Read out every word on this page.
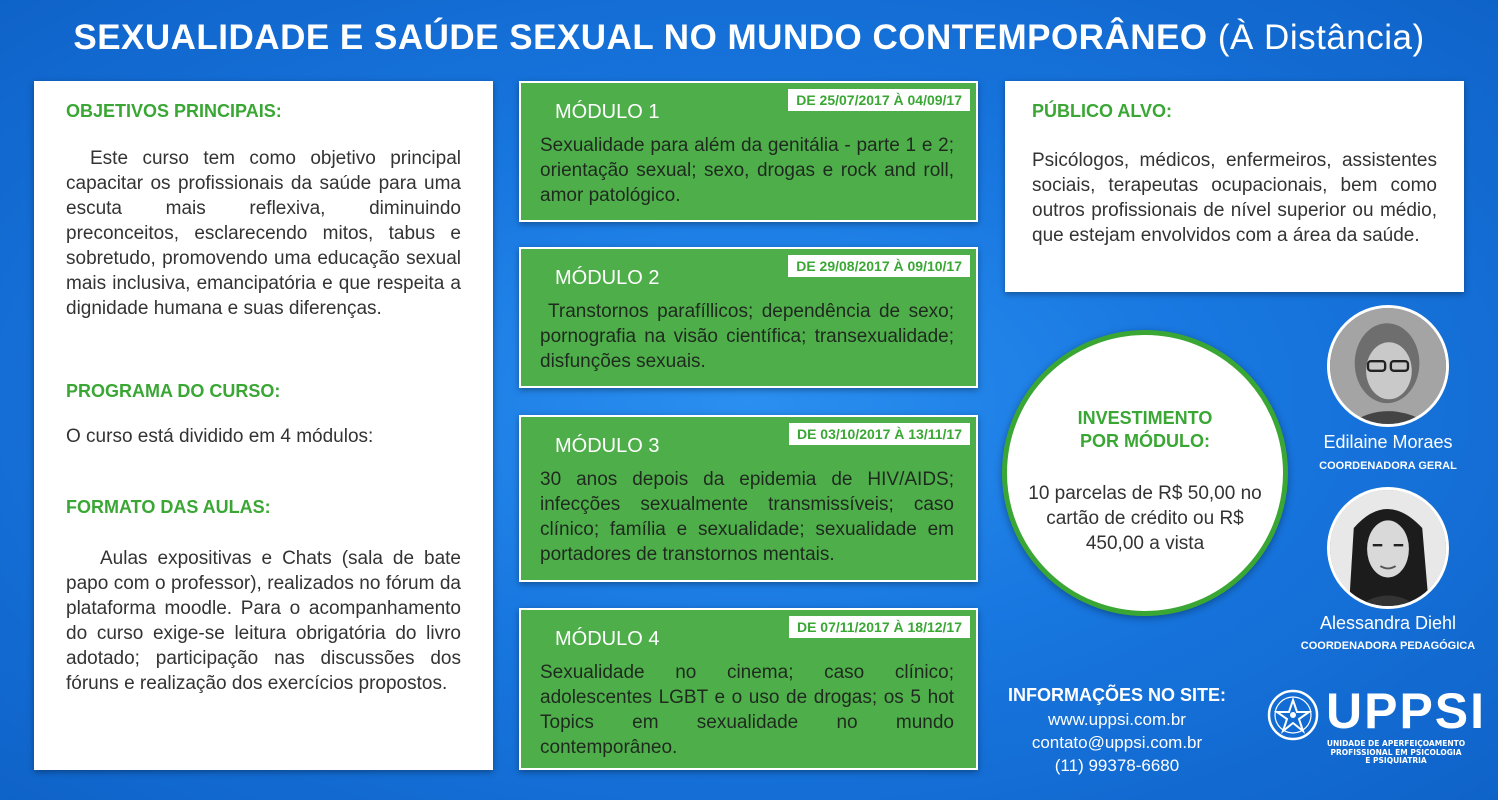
SEXUALIDADE E SAÚDE SEXUAL NO MUNDO CONTEMPORÂNEO (À Distância)
OBJETIVOS PRINCIPAIS:
Este curso tem como objetivo principal capacitar os profissionais da saúde para uma escuta mais reflexiva, diminuindo preconceitos, esclarecendo mitos, tabus e sobretudo, promovendo uma educação sexual mais inclusiva, emancipatória e que respeita a dignidade humana e suas diferenças.
PROGRAMA DO CURSO:
O curso está dividido em 4 módulos:
FORMATO DAS AULAS:
Aulas expositivas e Chats (sala de bate papo com o professor), realizados no fórum da plataforma moodle. Para o acompanhamento do curso exige-se leitura obrigatória do livro adotado; participação nas discussões dos fóruns e realização dos exercícios propostos.
MÓDULO 1
DE 25/07/2017 À 04/09/17
Sexualidade para além da genitália - parte 1 e 2; orientação sexual; sexo, drogas e rock and roll, amor patológico.
MÓDULO 2
DE 29/08/2017 À 09/10/17
Transtornos parafíllicos; dependência de sexo; pornografia na visão científica; transexualidade; disfunções sexuais.
MÓDULO 3
DE 03/10/2017 À 13/11/17
30 anos depois da epidemia de HIV/AIDS; infecções sexualmente transmissíveis; caso clínico; família e sexualidade; sexualidade em portadores de transtornos mentais.
MÓDULO 4
DE 07/11/2017 À 18/12/17
Sexualidade no cinema; caso clínico; adolescentes LGBT e o uso de drogas; os 5 hot Topics em sexualidade no mundo contemporâneo.
PÚBLICO ALVO:
Psicólogos, médicos, enfermeiros, assistentes sociais, terapeutas ocupacionais, bem como outros profissionais de nível superior ou médio, que estejam envolvidos com a área da saúde.
INVESTIMENTO
POR MÓDULO:
10 parcelas de R$ 50,00 no cartão de crédito ou R$ 450,00 a vista
Edilaine Moraes
COORDENADORA GERAL
Alessandra Diehl
COORDENADORA PEDAGÓGICA
INFORMAÇÕES NO SITE:
www.uppsi.com.br
contato@uppsi.com.br
(11) 99378-6680
UPPSI
UNIDADE DE APERFEIÇOAMENTO
PROFISSIONAL EM PSICOLOGIA
E PSIQUIATRIA
